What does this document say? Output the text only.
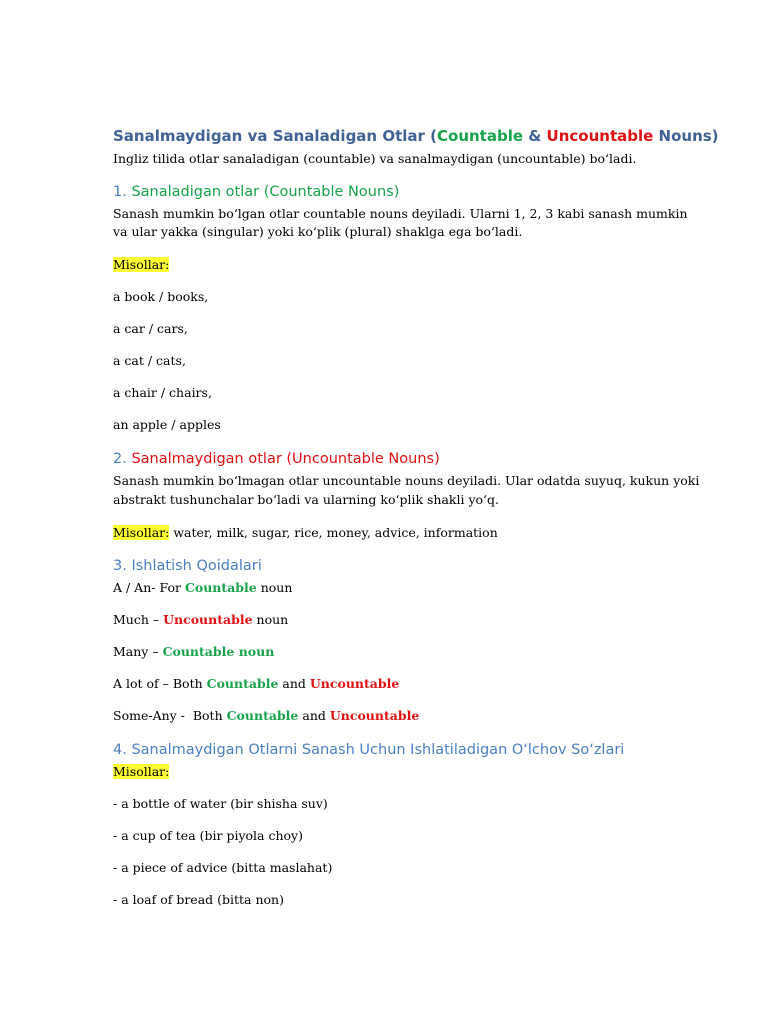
Sanalmaydigan va Sanaladigan Otlar (Countable & Uncountable Nouns)
Ingliz tilida otlar sanaladigan (countable) va sanalmaydigan (uncountable) bo‘ladi.
1. Sanaladigan otlar (Countable Nouns)
Sanash mumkin bo‘lgan otlar countable nouns deyiladi. Ularni 1, 2, 3 kabi sanash mumkin
va ular yakka (singular) yoki ko‘plik (plural) shaklga ega bo‘ladi.
Misollar:
a book / books,
a car / cars,
a cat / cats,
a chair / chairs,
an apple / apples
2. Sanalmaydigan otlar (Uncountable Nouns)
Sanash mumkin bo‘lmagan otlar uncountable nouns deyiladi. Ular odatda suyuq, kukun yoki
abstrakt tushunchalar bo‘ladi va ularning ko‘plik shakli yo‘q.
Misollar: water, milk, sugar, rice, money, advice, information
3. Ishlatish Qoidalari
A / An- For Countable noun
Much – Uncountable noun
Many – Countable noun
A lot of – Both Countable and Uncountable
Some-Any -  Both Countable and Uncountable
4. Sanalmaydigan Otlarni Sanash Uchun Ishlatiladigan O‘lchov So‘zlari
Misollar:
- a bottle of water (bir shisha suv)
- a cup of tea (bir piyola choy)
- a piece of advice (bitta maslahat)
- a loaf of bread (bitta non)
